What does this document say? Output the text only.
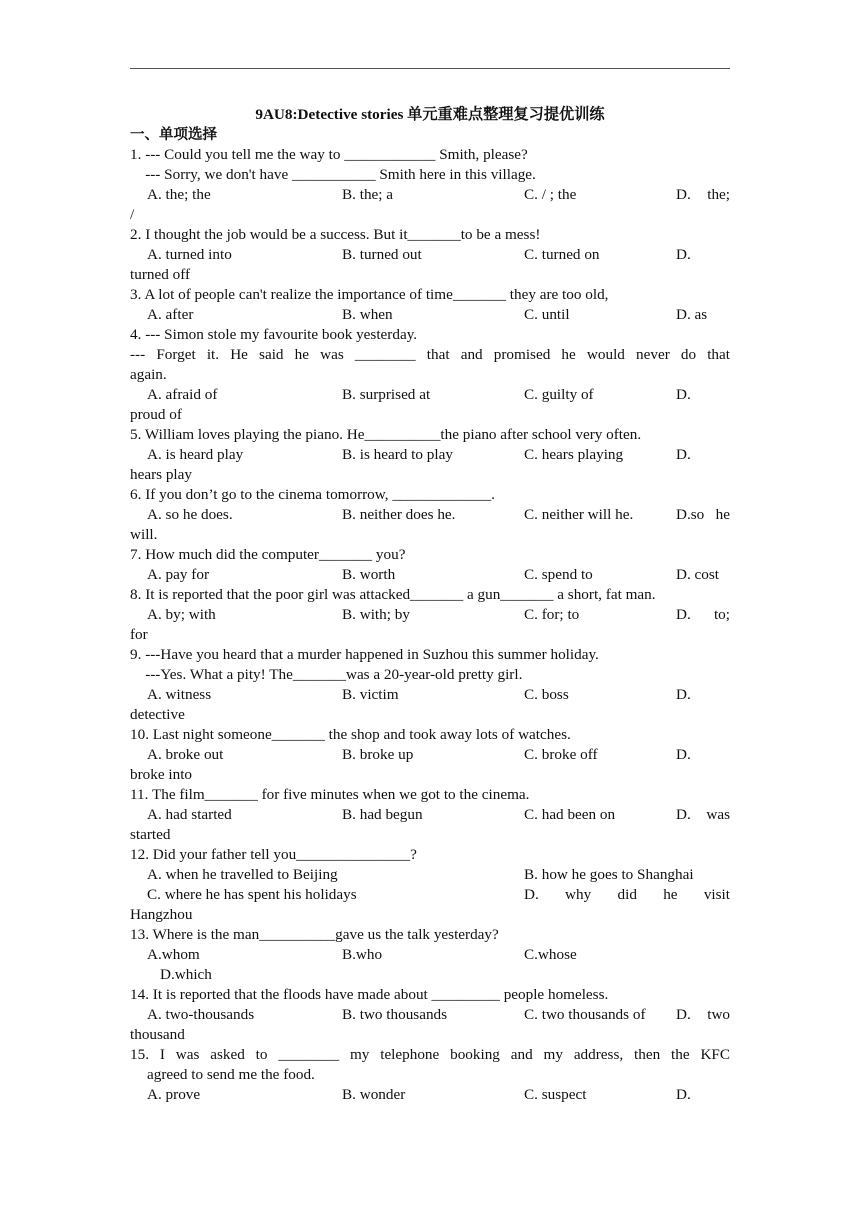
9AU8:Detective stories 单元重难点整理复习提优训练
一、单项选择
1. --- Could you tell me the way to ____________ Smith, please?
--- Sorry, we don't have ___________ Smith here in this village.
A. the; the	B. the; a	C. / ; the	D.   the;
/
2. I thought the job would be a success. But it_______to be a mess!
A. turned into	B. turned out	C. turned on	D.
turned off
3. A lot of people can't realize the importance of time_______ they are too old,
A. after	B. when	C. until	D. as
4. --- Simon stole my favourite book yesterday.
--- Forget it. He said he was ________ that and promised he would never do that
again.
A. afraid of	B. surprised at	C. guilty of	D.
proud of
5. William loves playing the piano. He__________the piano after school very often.
A. is heard play	B. is heard to play	C. hears playing	D.
hears play
6. If you don’t go to the cinema tomorrow, _____________.
A. so he does.	B. neither does he.	C. neither will he.	D.so he
will.
7. How much did the computer_______ you?
A. pay for	B. worth	C. spend to	D. cost
8. It is reported that the poor girl was attacked_______ a gun_______ a short, fat man.
A. by; with	B. with; by	C. for; to	D.    to;
for
9. ---Have you heard that a murder happened in Suzhou this summer holiday.
---Yes. What a pity! The_______was a 20-year-old pretty girl.
A. witness	B. victim	C. boss	D.
detective
10. Last night someone_______ the shop and took away lots of watches.
A. broke out	B. broke up	C. broke off	D.
broke into
11. The film_______ for five minutes when we got to the cinema.
A. had started	B. had begun	C. had been on	D.   was
started
12. Did your father tell you_______________?
A. when he travelled to Beijing	B. how he goes to Shanghai
C. where he has spent his holidays	D.  why  did  he  visit
Hangzhou
13. Where is the man__________gave us the talk yesterday?
A.whom	B.who	C.whose
D.which
14. It is reported that the floods have made about _________ people homeless.
A. two-thousands	B. two thousands	C. two thousands of D.   two
thousand
15. I was asked to ________ my telephone booking and my address, then the KFC
agreed to send me the food.
A. prove	B. wonder	C. suspect	D.
